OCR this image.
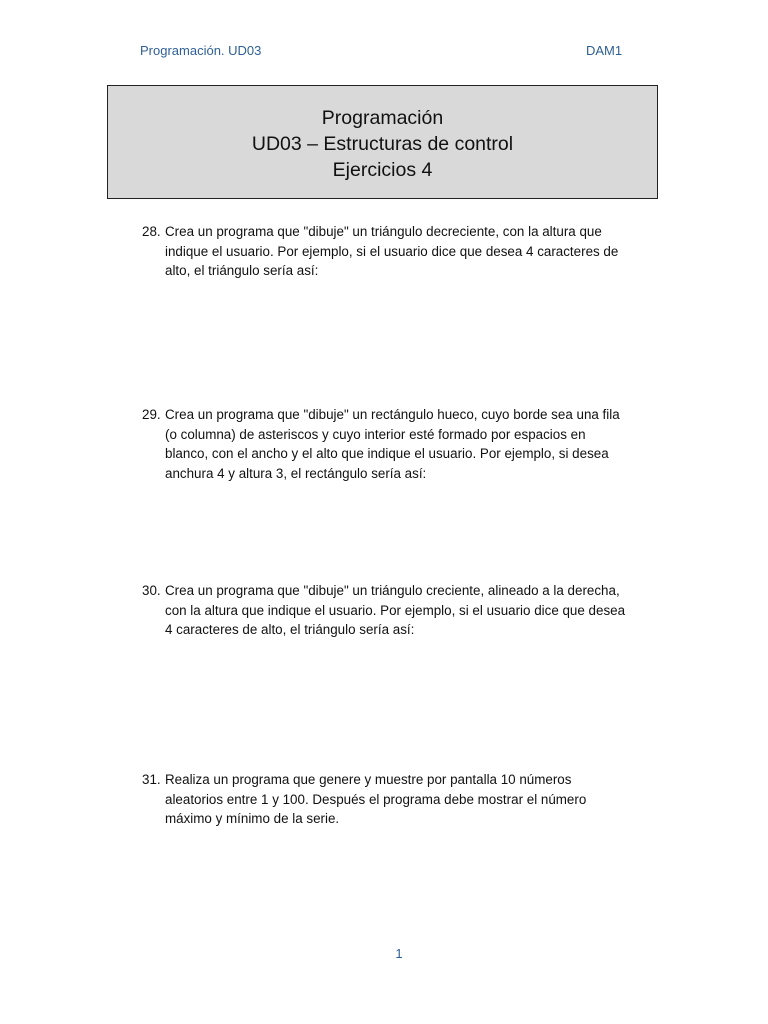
Programación. UD03	DAM1
Programación
UD03 – Estructuras de control
Ejercicios 4
28. Crea un programa que "dibuje" un triángulo decreciente, con la altura que
indique el usuario. Por ejemplo, si el usuario dice que desea 4 caracteres de
alto, el triángulo sería así:
29. Crea un programa que "dibuje" un rectángulo hueco, cuyo borde sea una fila
(o columna) de asteriscos y cuyo interior esté formado por espacios en
blanco, con el ancho y el alto que indique el usuario. Por ejemplo, si desea
anchura 4 y altura 3, el rectángulo sería así:
30. Crea un programa que "dibuje" un triángulo creciente, alineado a la derecha,
con la altura que indique el usuario. Por ejemplo, si el usuario dice que desea
4 caracteres de alto, el triángulo sería así:
31. Realiza un programa que genere y muestre por pantalla 10 números
aleatorios entre 1 y 100. Después el programa debe mostrar el número
máximo y mínimo de la serie.
1
